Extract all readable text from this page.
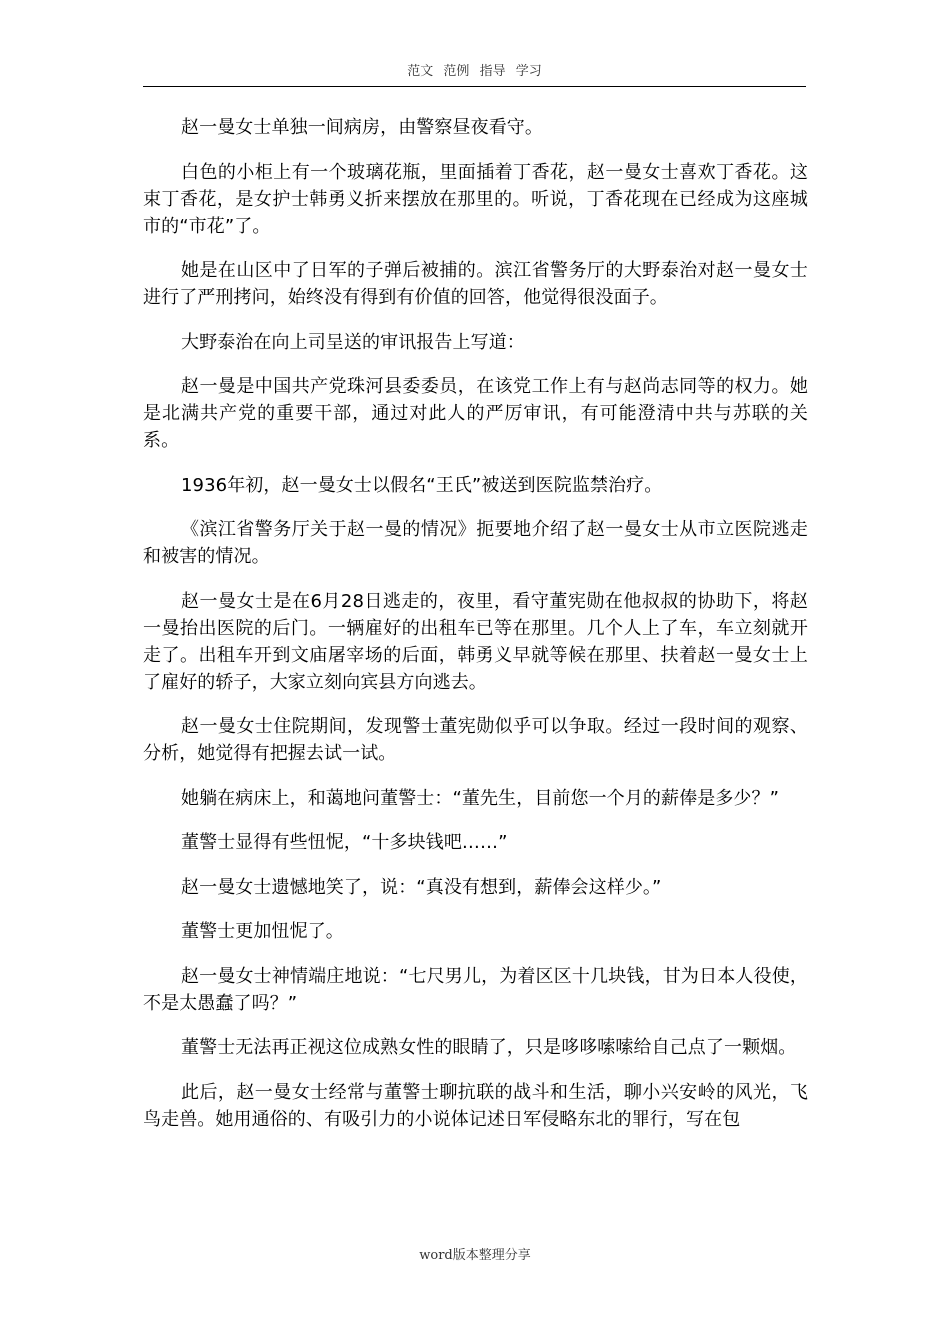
范文 范例 指导 学习

赵一曼女士单独一间病房，由警察昼夜看守。

白色的小柜上有一个玻璃花瓶，里面插着丁香花，赵一曼女士喜欢丁香花。这束丁香花，是女护士韩勇义折来摆放在那里的。听说，丁香花现在已经成为这座城市的“市花”了。

她是在山区中了日军的子弹后被捕的。滨江省警务厅的大野泰治对赵一曼女士进行了严刑拷问，始终没有得到有价值的回答，他觉得很没面子。

大野泰治在向上司呈送的审讯报告上写道：

赵一曼是中国共产党珠河县委委员，在该党工作上有与赵尚志同等的权力。她是北满共产党的重要干部，通过对此人的严厉审讯，有可能澄清中共与苏联的关系。

1936年初，赵一曼女士以假名“王氏”被送到医院监禁治疗。

《滨江省警务厅关于赵一曼的情况》扼要地介绍了赵一曼女士从市立医院逃走和被害的情况。

赵一曼女士是在6月28日逃走的，夜里，看守董宪勋在他叔叔的协助下，将赵一曼抬出医院的后门。一辆雇好的出租车已等在那里。几个人上了车，车立刻就开走了。出租车开到文庙屠宰场的后面，韩勇义早就等候在那里、扶着赵一曼女士上了雇好的轿子，大家立刻向宾县方向逃去。

赵一曼女士住院期间，发现警士董宪勋似乎可以争取。经过一段时间的观察、分析，她觉得有把握去试一试。

她躺在病床上，和蔼地问董警士：“董先生，目前您一个月的薪俸是多少？”

董警士显得有些忸怩，“十多块钱吧……”

赵一曼女士遗憾地笑了，说：“真没有想到，薪俸会这样少。”

董警士更加忸怩了。

赵一曼女士神情端庄地说：“七尺男儿，为着区区十几块钱，甘为日本人役使，不是太愚蠢了吗？”

董警士无法再正视这位成熟女性的眼睛了，只是哆哆嗦嗦给自己点了一颗烟。

此后，赵一曼女士经常与董警士聊抗联的战斗和生活，聊小兴安岭的风光，飞鸟走兽。她用通俗的、有吸引力的小说体记述日军侵略东北的罪行，写在包

word版本整理分享
